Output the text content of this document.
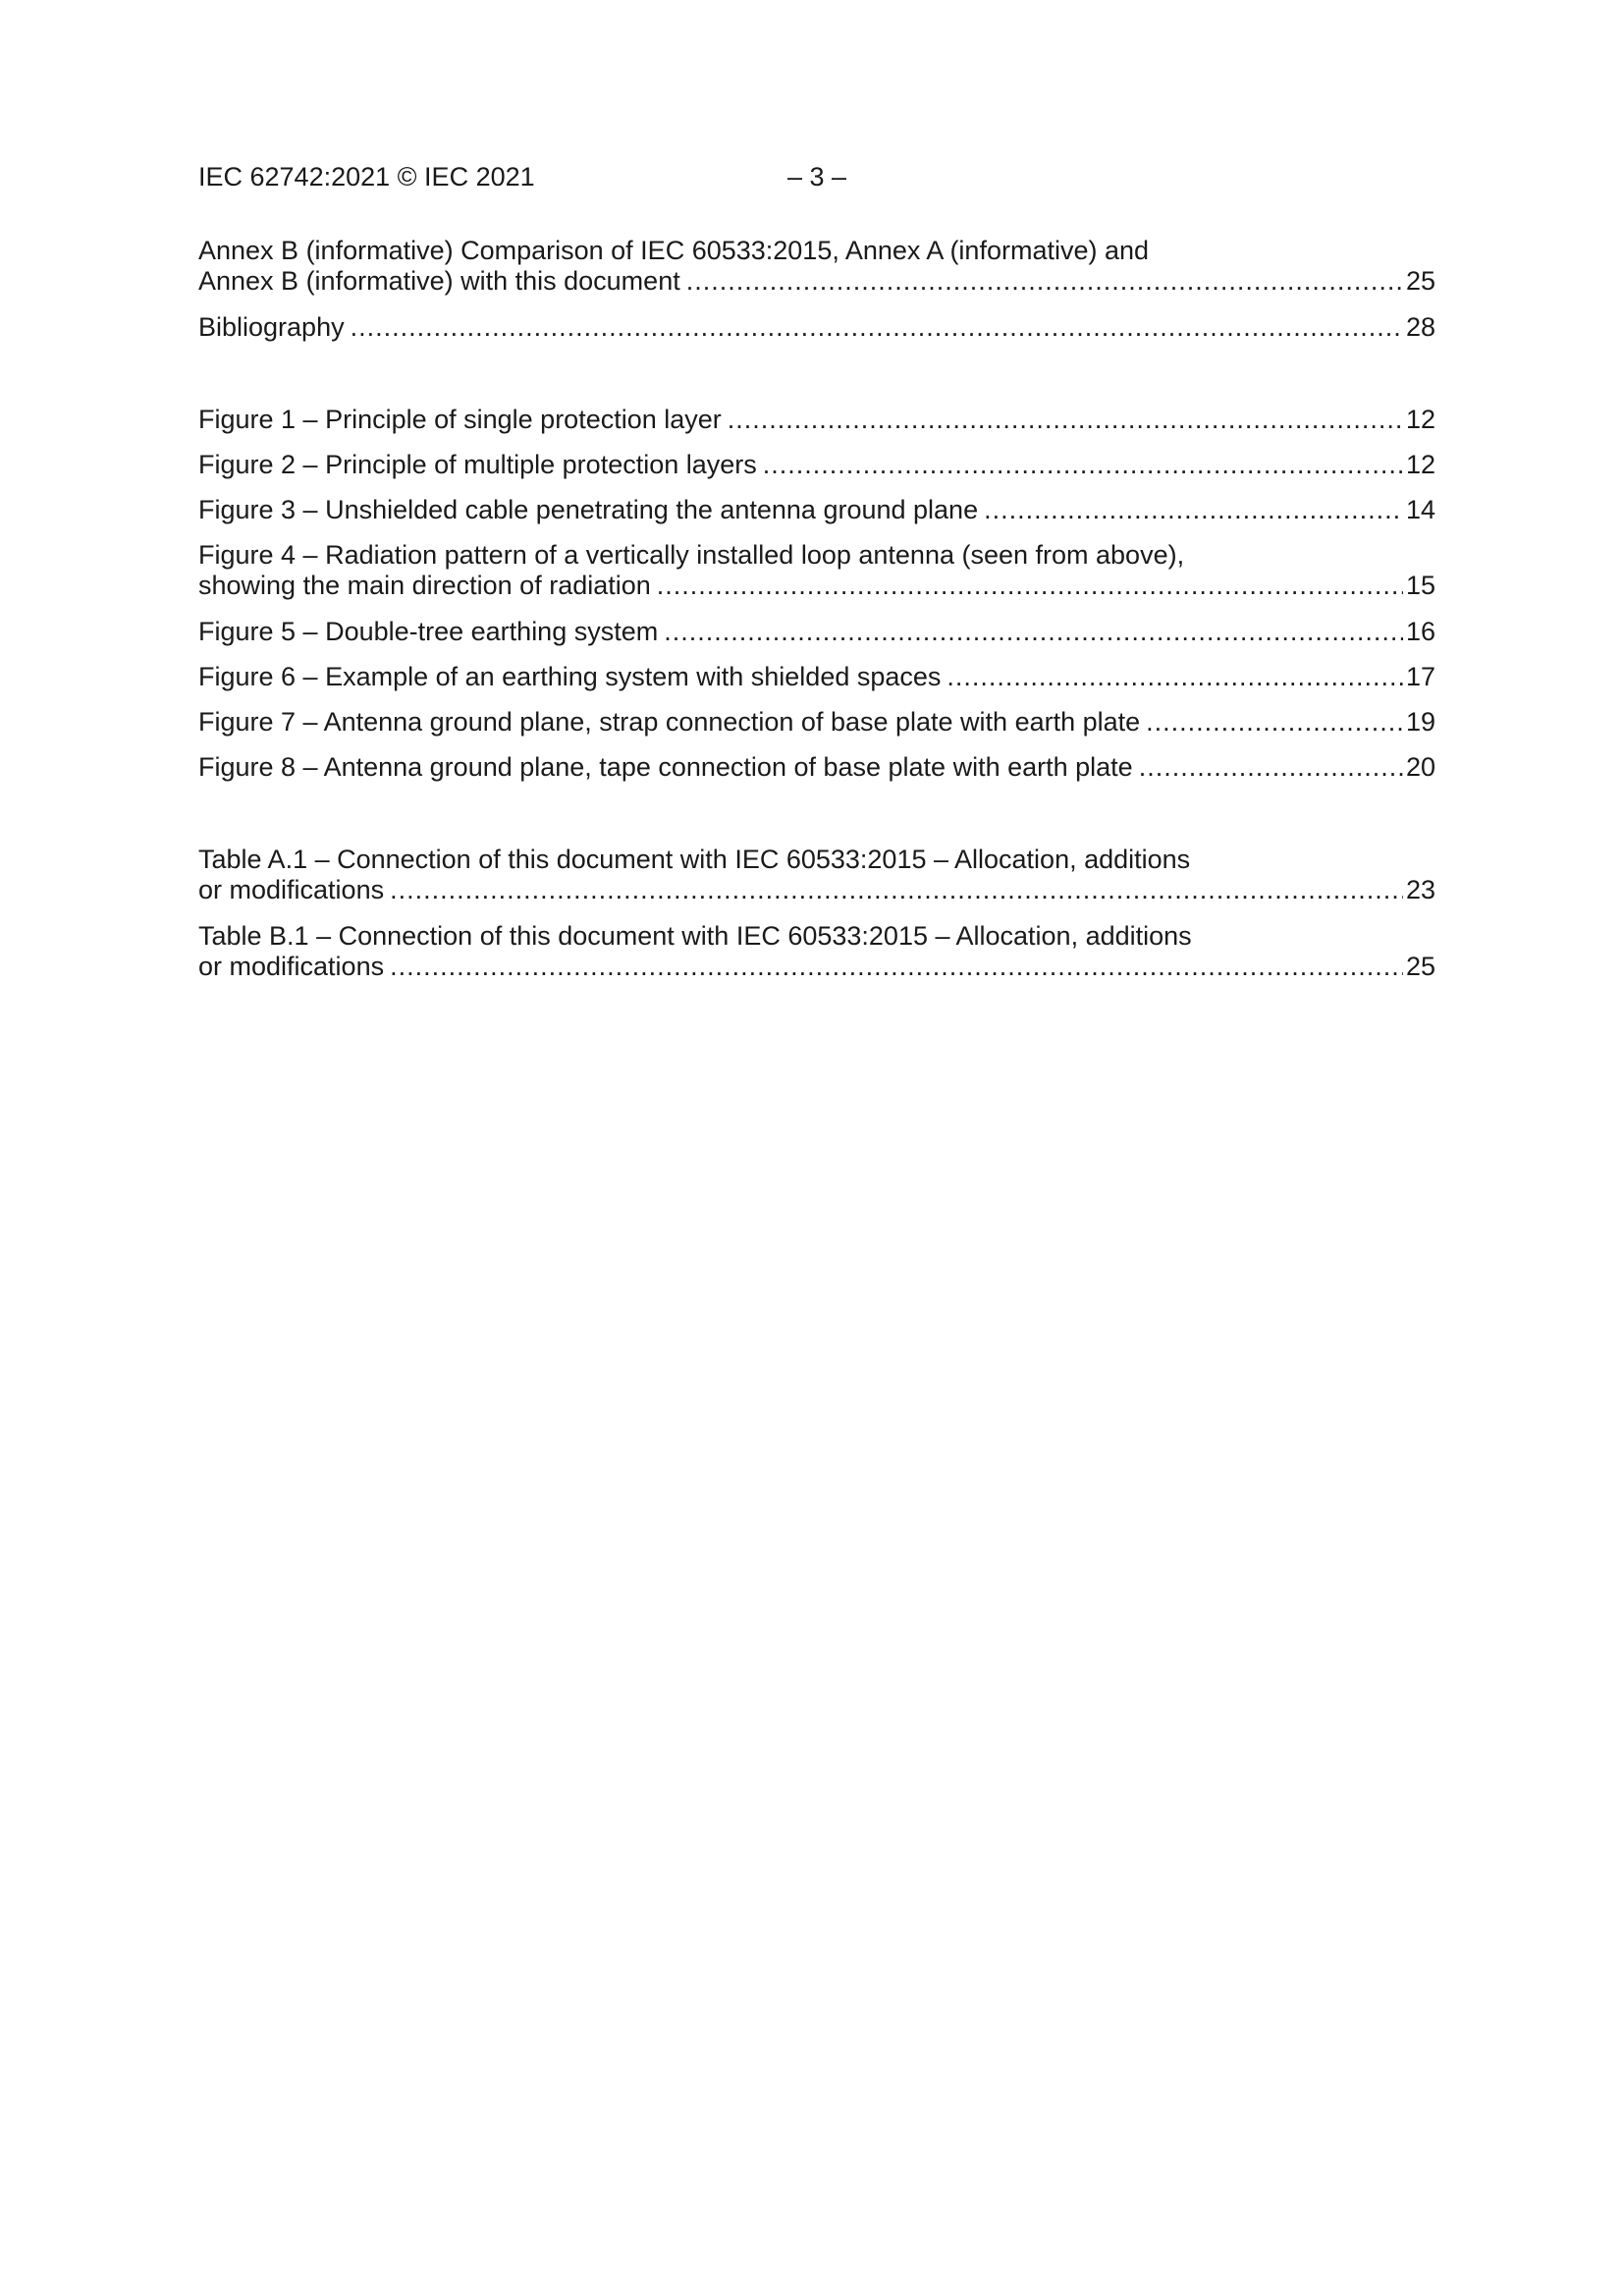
IEC 62742:2021 © IEC 2021	– 3 –
Annex B (informative) Comparison of IEC 60533:2015, Annex A (informative) and
Annex B (informative) with this document .....	25
Bibliography .....	28
Figure 1 – Principle of single protection layer .....	12
Figure 2 – Principle of multiple protection layers .....	12
Figure 3 – Unshielded cable penetrating the antenna ground plane .....	14
Figure 4 – Radiation pattern of a vertically installed loop antenna (seen from above),
showing the main direction of radiation .....	15
Figure 5 – Double-tree earthing system .....	16
Figure 6 – Example of an earthing system with shielded spaces .....	17
Figure 7 – Antenna ground plane, strap connection of base plate with earth plate .....	19
Figure 8 – Antenna ground plane, tape connection of base plate with earth plate .....	20
Table A.1 – Connection of this document with IEC 60533:2015 – Allocation, additions
or modifications .....	23
Table B.1 – Connection of this document with IEC 60533:2015 – Allocation, additions
or modifications .....	25
